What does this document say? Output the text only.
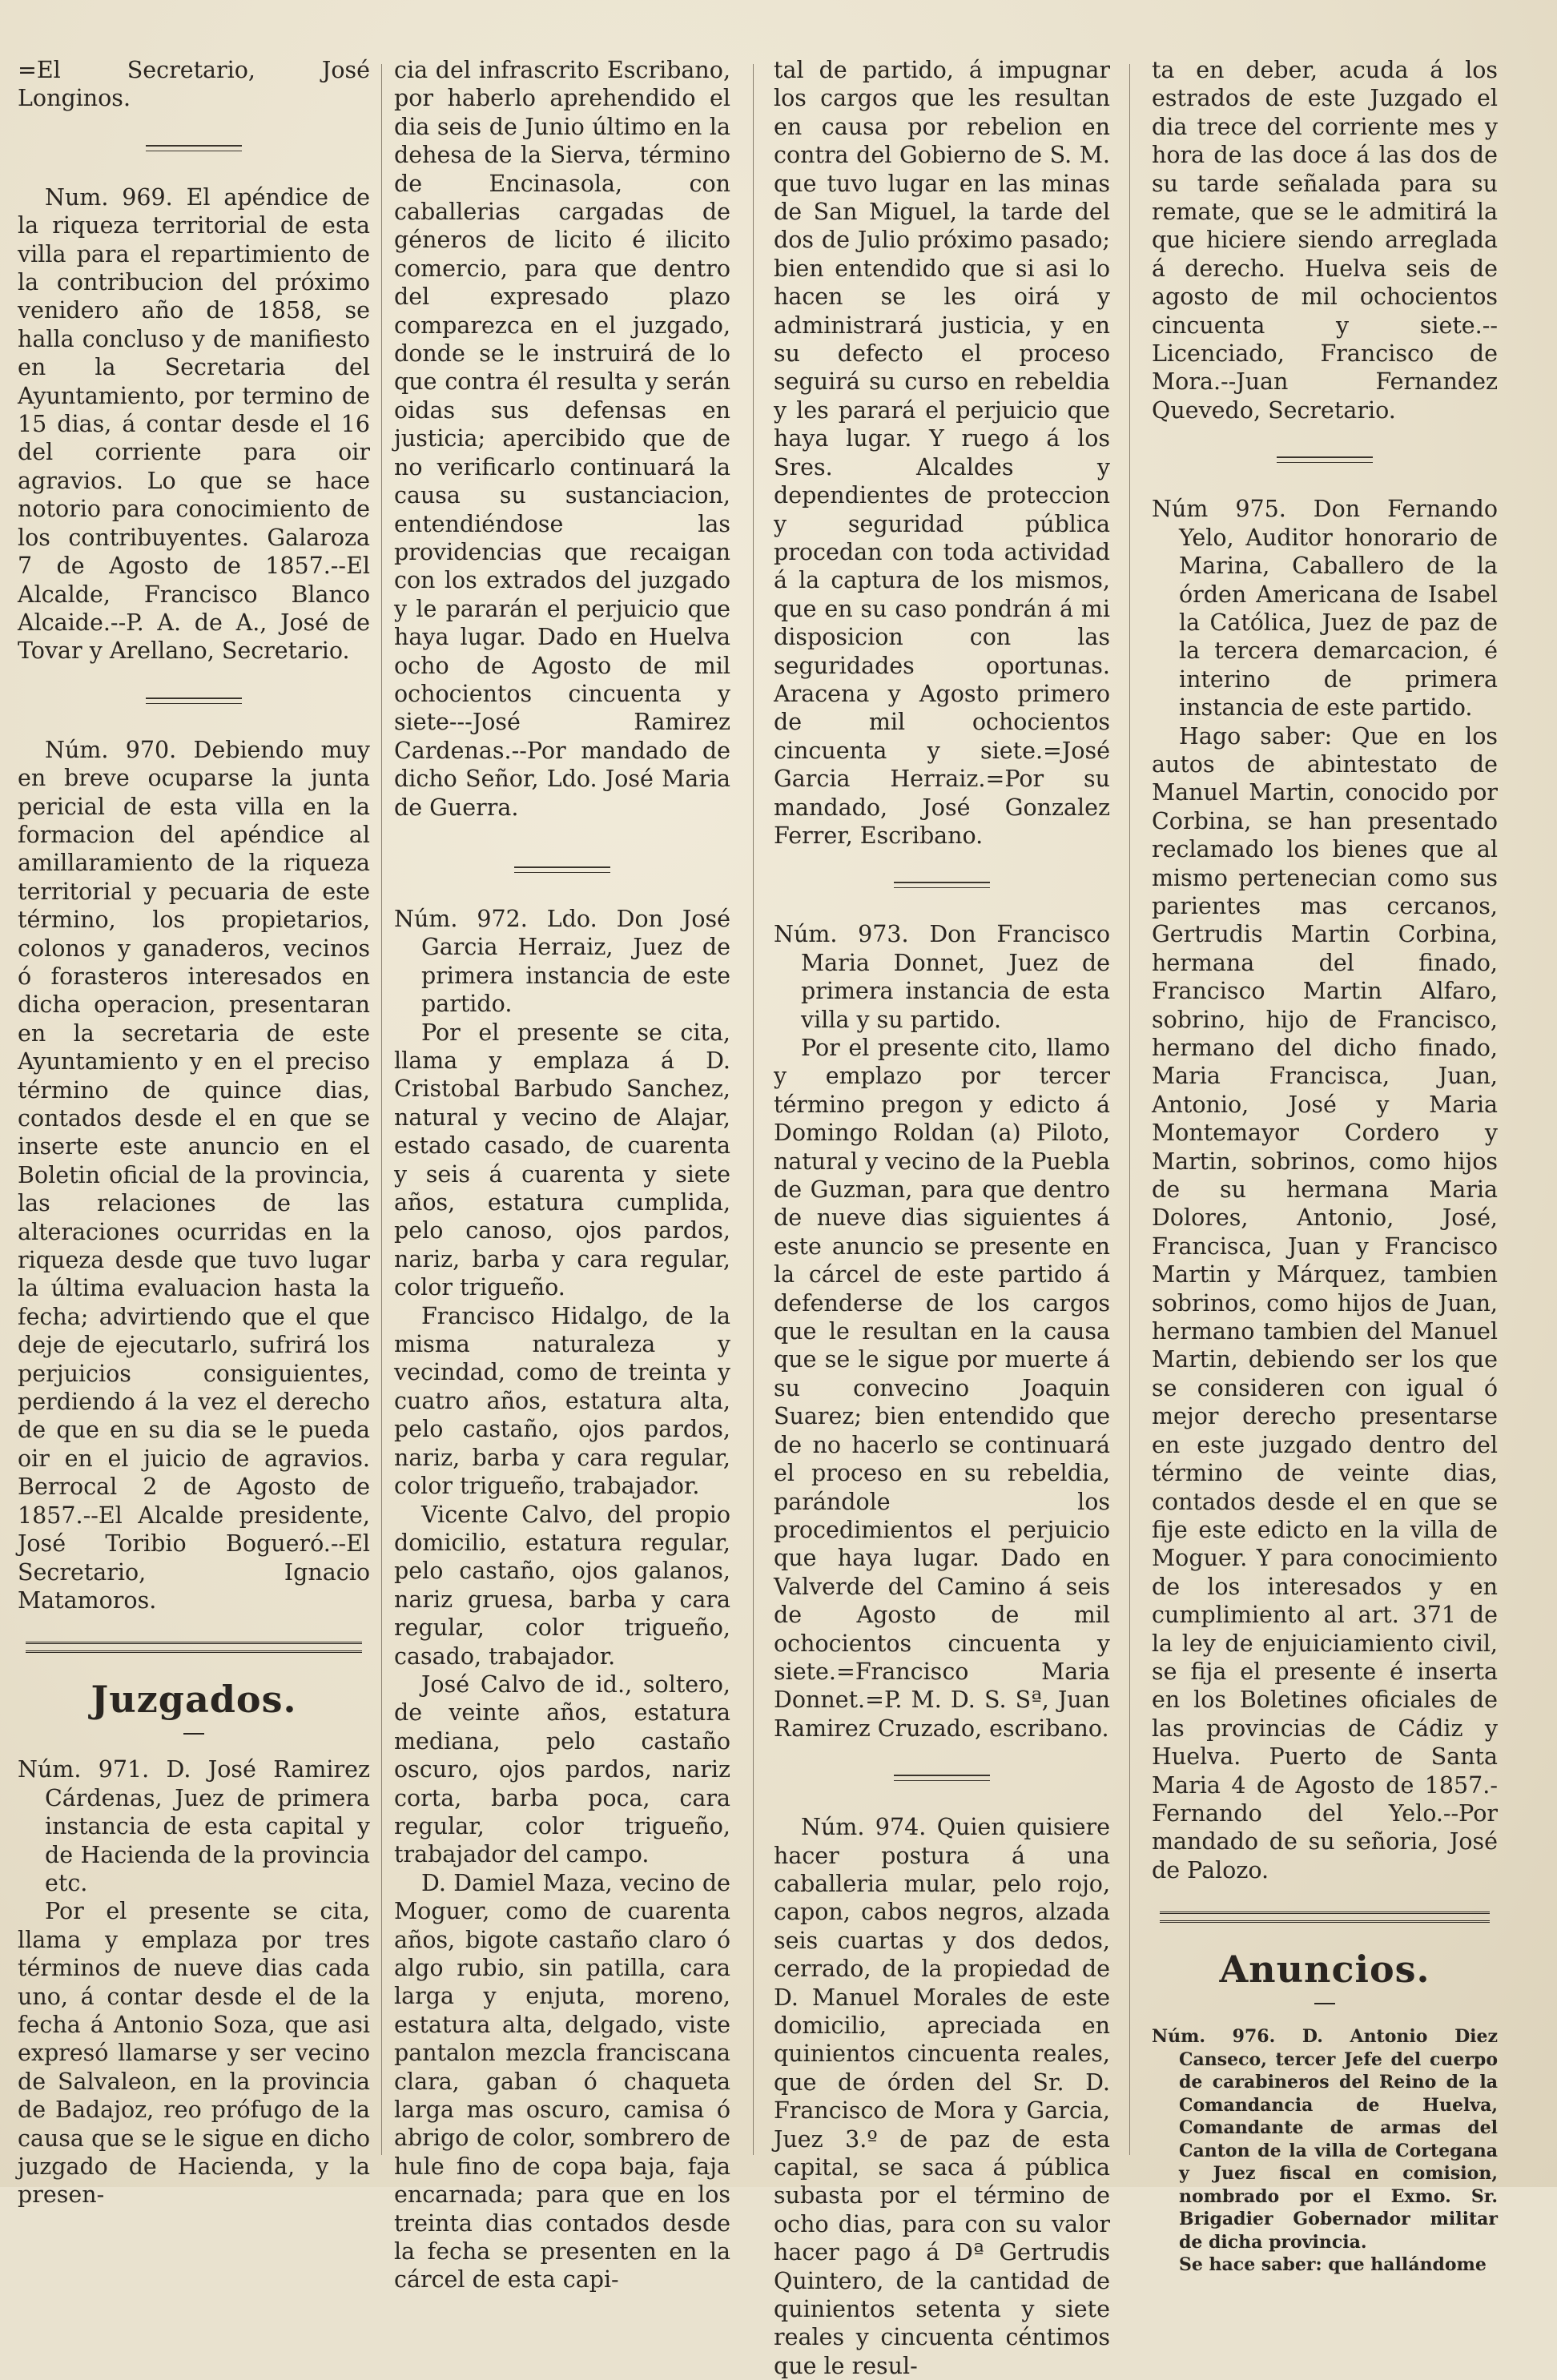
=El Secretario, José Longinos.

Num. 969. El apéndice de la riqueza territorial de esta villa para el repartimiento de la contribucion del próximo venidero año de 1858, se halla concluso y de manifiesto en la Secretaria del Ayuntamiento, por termino de 15 dias, á contar desde el 16 del corriente para oir agravios. Lo que se hace notorio para conocimiento de los contribuyentes. Galaroza 7 de Agosto de 1857.--El Alcalde, Francisco Blanco Alcaide.--P. A. de A., José de Tovar y Arellano, Secretario.

Núm. 970. Debiendo muy en breve ocuparse la junta pericial de esta villa en la formacion del apéndice al amillaramiento de la riqueza territorial y pecuaria de este término, los propietarios, colonos y ganaderos, vecinos ó forasteros interesados en dicha operacion, presentaran en la secretaria de este Ayuntamiento y en el preciso término de quince dias, contados desde el en que se inserte este anuncio en el Boletin oficial de la provincia, las relaciones de las alteraciones ocurridas en la riqueza desde que tuvo lugar la última evaluacion hasta la fecha; advirtiendo que el que deje de ejecutarlo, sufrirá los perjuicios consiguientes, perdiendo á la vez el derecho de que en su dia se le pueda oir en el juicio de agravios. Berrocal 2 de Agosto de 1857.--El Alcalde presidente, José Toribio Bogueró.--El Secretario, Ignacio Matamoros.

Juzgados.

Núm. 971. D. José Ramirez Cárdenas, Juez de primera instancia de esta capital y de Hacienda de la provincia etc.

Por el presente se cita, llama y emplaza por tres términos de nueve dias cada uno, á contar desde el de la fecha á Antonio Soza, que asi expresó llamarse y ser vecino de Salvaleon, en la provincia de Badajoz, reo prófugo de la causa que se le sigue en dicho juzgado de Hacienda, y la presen-

cia del infrascrito Escribano, por haberlo aprehendido el dia seis de Junio último en la dehesa de la Sierva, término de Encinasola, con caballerias cargadas de géneros de licito é ilicito comercio, para que dentro del expresado plazo comparezca en el juzgado, donde se le instruirá de lo que contra él resulta y serán oidas sus defensas en justicia; apercibido que de no verificarlo continuará la causa su sustanciacion, entendiéndose las providencias que recaigan con los extrados del juzgado y le pararán el perjuicio que haya lugar. Dado en Huelva ocho de Agosto de mil ochocientos cincuenta y siete---José Ramirez Cardenas.--Por mandado de dicho Señor, Ldo. José Maria de Guerra.

Núm. 972. Ldo. Don José Garcia Herraiz, Juez de primera instancia de este partido.

Por el presente se cita, llama y emplaza á D. Cristobal Barbudo Sanchez, natural y vecino de Alajar, estado casado, de cuarenta y seis á cuarenta y siete años, estatura cumplida, pelo canoso, ojos pardos, nariz, barba y cara regular, color trigueño.

Francisco Hidalgo, de la misma naturaleza y vecindad, como de treinta y cuatro años, estatura alta, pelo castaño, ojos pardos, nariz, barba y cara regular, color trigueño, trabajador.

Vicente Calvo, del propio domicilio, estatura regular, pelo castaño, ojos galanos, nariz gruesa, barba y cara regular, color trigueño, casado, trabajador.

José Calvo de id., soltero, de veinte años, estatura mediana, pelo castaño oscuro, ojos pardos, nariz corta, barba poca, cara regular, color trigueño, trabajador del campo.

D. Damiel Maza, vecino de Moguer, como de cuarenta años, bigote castaño claro ó algo rubio, sin patilla, cara larga y enjuta, moreno, estatura alta, delgado, viste pantalon mezcla franciscana clara, gaban ó chaqueta larga mas oscuro, camisa ó abrigo de color, sombrero de hule fino de copa baja, faja encarnada; para que en los treinta dias contados desde la fecha se presenten en la cárcel de esta capi-

tal de partido, á impugnar los cargos que les resultan en causa por rebelion en contra del Gobierno de S. M. que tuvo lugar en las minas de San Miguel, la tarde del dos de Julio próximo pasado; bien entendido que si asi lo hacen se les oirá y administrará justicia, y en su defecto el proceso seguirá su curso en rebeldia y les parará el perjuicio que haya lugar. Y ruego á los Sres. Alcaldes y dependientes de proteccion y seguridad pública procedan con toda actividad á la captura de los mismos, que en su caso pondrán á mi disposicion con las seguridades oportunas. Aracena y Agosto primero de mil ochocientos cincuenta y siete.=José Garcia Herraiz.=Por su mandado, José Gonzalez Ferrer, Escribano.

Núm. 973. Don Francisco Maria Donnet, Juez de primera instancia de esta villa y su partido.

Por el presente cito, llamo y emplazo por tercer término pregon y edicto á Domingo Roldan (a) Piloto, natural y vecino de la Puebla de Guzman, para que dentro de nueve dias siguientes á este anuncio se presente en la cárcel de este partido á defenderse de los cargos que le resultan en la causa que se le sigue por muerte á su convecino Joaquin Suarez; bien entendido que de no hacerlo se continuará el proceso en su rebeldia, parándole los procedimientos el perjuicio que haya lugar. Dado en Valverde del Camino á seis de Agosto de mil ochocientos cincuenta y siete.=Francisco Maria Donnet.=P. M. D. S. Sª, Juan Ramirez Cruzado, escribano.

Núm. 974. Quien quisiere hacer postura á una caballeria mular, pelo rojo, capon, cabos negros, alzada seis cuartas y dos dedos, cerrado, de la propiedad de D. Manuel Morales de este domicilio, apreciada en quinientos cincuenta reales, que de órden del Sr. D. Francisco de Mora y Garcia, Juez 3.º de paz de esta capital, se saca á pública subasta por el término de ocho dias, para con su valor hacer pago á Dª Gertrudis Quintero, de la cantidad de quinientos setenta y siete reales y cincuenta céntimos que le resul-

ta en deber, acuda á los estrados de este Juzgado el dia trece del corriente mes y hora de las doce á las dos de su tarde señalada para su remate, que se le admitirá la que hiciere siendo arreglada á derecho. Huelva seis de agosto de mil ochocientos cincuenta y siete.--Licenciado, Francisco de Mora.--Juan Fernandez Quevedo, Secretario.

Núm 975. Don Fernando Yelo, Auditor honorario de Marina, Caballero de la órden Americana de Isabel la Católica, Juez de paz de la tercera demarcacion, é interino de primera instancia de este partido.

Hago saber: Que en los autos de abintestato de Manuel Martin, conocido por Corbina, se han presentado reclamado los bienes que al mismo pertenecian como sus parientes mas cercanos, Gertrudis Martin Corbina, hermana del finado, Francisco Martin Alfaro, sobrino, hijo de Francisco, hermano del dicho finado, Maria Francisca, Juan, Antonio, José y Maria Montemayor Cordero y Martin, sobrinos, como hijos de su hermana Maria Dolores, Antonio, José, Francisca, Juan y Francisco Martin y Márquez, tambien sobrinos, como hijos de Juan, hermano tambien del Manuel Martin, debiendo ser los que se consideren con igual ó mejor derecho presentarse en este juzgado dentro del término de veinte dias, contados desde el en que se fije este edicto en la villa de Moguer. Y para conocimiento de los interesados y en cumplimiento al art. 371 de la ley de enjuiciamiento civil, se fija el presente é inserta en los Boletines oficiales de las provincias de Cádiz y Huelva. Puerto de Santa Maria 4 de Agosto de 1857.-Fernando del Yelo.--Por mandado de su señoria, José de Palozo.

Anuncios.

Núm. 976. D. Antonio Diez Canseco, tercer Jefe del cuerpo de carabineros del Reino de la Comandancia de Huelva, Comandante de armas del Canton de la villa de Cortegana y Juez fiscal en comision, nombrado por el Exmo. Sr. Brigadier Gobernador militar de dicha provincia.

Se hace saber: que hallándome
